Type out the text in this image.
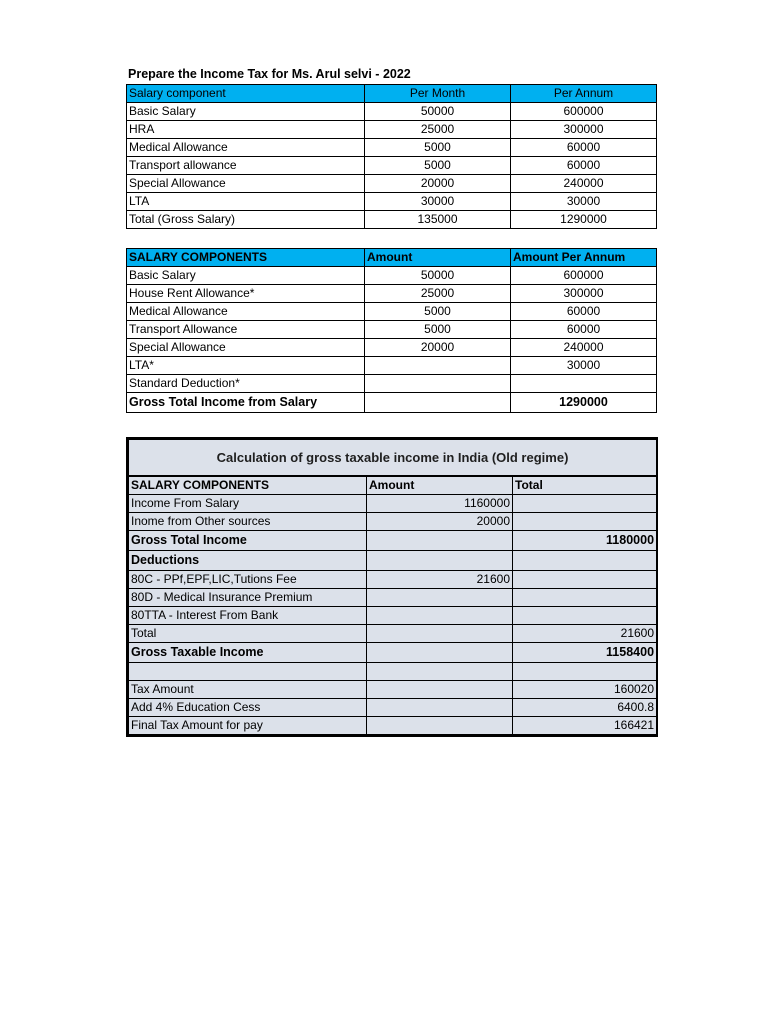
Prepare the Income Tax for Ms. Arul selvi - 2022
Salary component	Per Month	Per Annum
Basic Salary	50000	600000
HRA	25000	300000
Medical Allowance	5000	60000
Transport allowance	5000	60000
Special Allowance	20000	240000
LTA	30000	30000
Total (Gross Salary)	135000	1290000
SALARY COMPONENTS	Amount	Amount Per Annum
Basic Salary	50000	600000
House Rent Allowance*	25000	300000
Medical Allowance	5000	60000
Transport Allowance	5000	60000
Special Allowance	20000	240000
LTA*		30000
Standard Deduction*		
Gross Total Income from Salary		1290000
Calculation of gross taxable income in India (Old regime)		
SALARY COMPONENTS	Amount	Total
Income From Salary	1160000	
Inome from Other sources	20000	
Gross Total Income		1180000
Deductions		
80C - PPf,EPF,LIC,Tutions Fee	21600	
80D - Medical Insurance Premium		
80TTA - Interest From Bank		
Total		21600
Gross Taxable Income		1158400

Tax Amount		160020
Add 4% Education Cess		6400.8
Final Tax Amount for pay		166421
